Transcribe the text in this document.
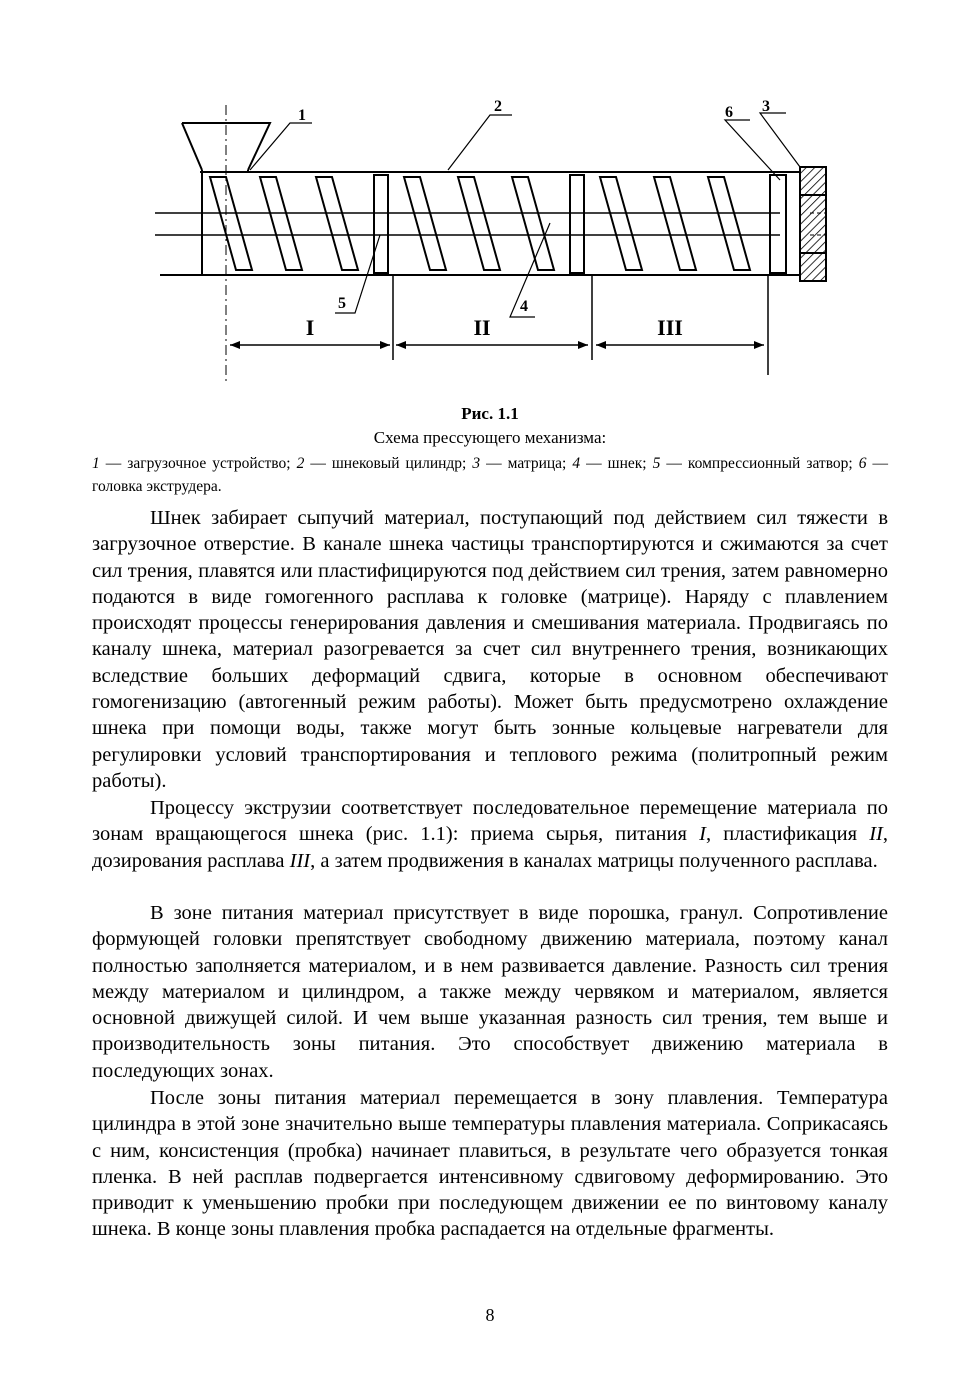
1
2	6 3
5	4
I	II	III
Рис. 1.1
Схема прессующего механизма:
1 — загрузочное устройство; 2 — шнековый цилиндр; 3 — матрица; 4 — шнек; 5 — компрессионный затвор; 6 — головка экструдера.

Шнек забирает сыпучий материал, поступающий под действием сил тяжести в загрузочное отверстие. В канале шнека частицы транспортируются и сжимаются за счет сил трения, плавятся или пластифицируются под действием сил трения, затем равномерно подаются в виде гомогенного расплава к головке (матрице). Наряду с плавлением происходят процессы генерирования давления и смешивания материала. Продвигаясь по каналу шнека, материал разогревается за счет сил внутреннего трения, возникающих вследствие больших деформаций сдвига, которые в основном обеспечивают гомогенизацию (автогенный режим работы). Может быть предусмотрено охлаждение шнека при помощи воды, также могут быть зонные кольцевые нагреватели для регулировки условий транспортирования и теплового режима (политропный режим работы).

Процессу экструзии соответствует последовательное перемещение материала по зонам вращающегося шнека (рис. 1.1): приема сырья, питания I, пластификация II, дозирования расплава III, а затем продвижения в каналах матрицы полученного расплава.

В зоне питания материал присутствует в виде порошка, гранул. Сопротивление формующей головки препятствует свободному движению материала, поэтому канал полностью заполняется материалом, и в нем развивается давление. Разность сил трения между материалом и цилиндром, а также между червяком и материалом, является основной движущей силой. И чем выше указанная разность сил трения, тем выше и производительность зоны питания. Это способствует движению материала в последующих зонах.

После зоны питания материал перемещается в зону плавления. Температура цилиндра в этой зоне значительно выше температуры плавления материала. Соприкасаясь с ним, консистенция (пробка) начинает плавиться, в результате чего образуется тонкая пленка. В ней расплав подвергается интенсивному сдвиговому деформированию. Это приводит к уменьшению пробки при последующем движении ее по винтовому каналу шнека. В конце зоны плавления пробка распадается на отдельные фрагменты.

8
